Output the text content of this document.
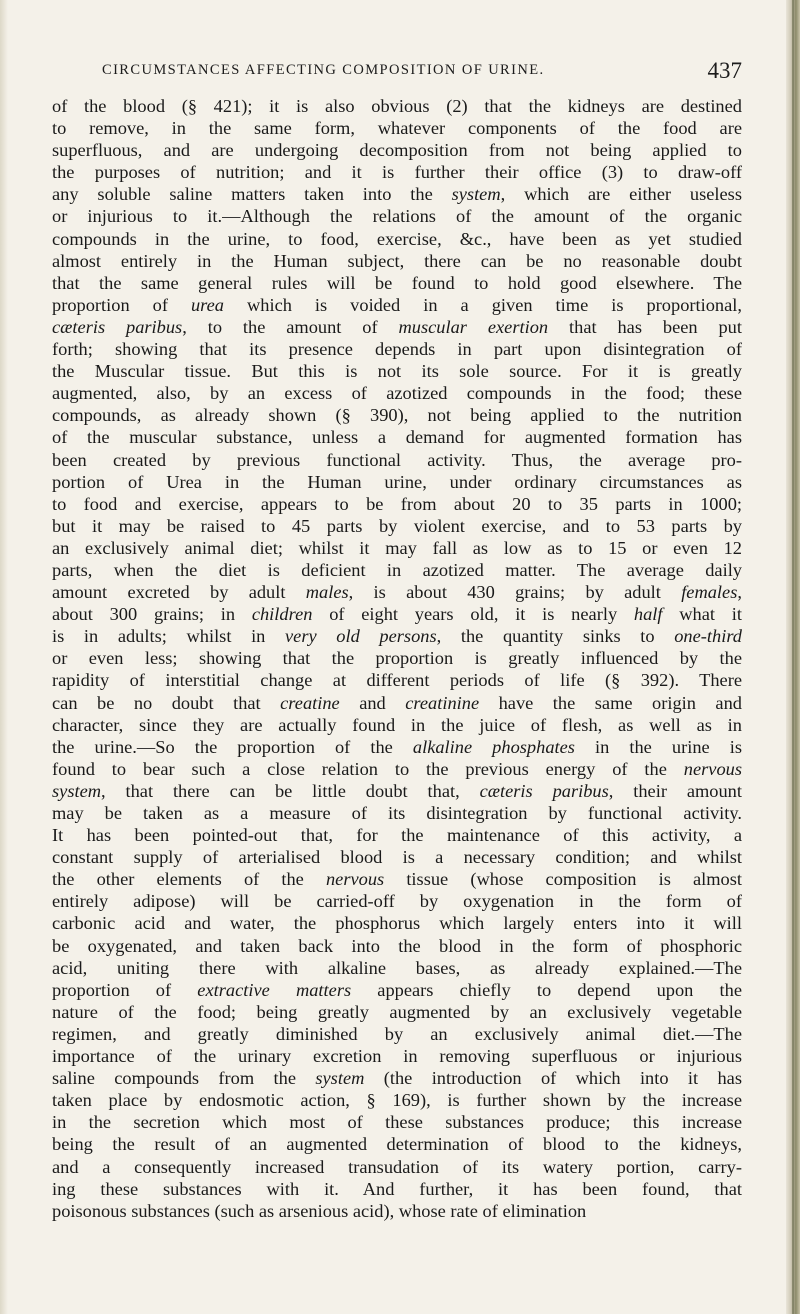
CIRCUMSTANCES AFFECTING COMPOSITION OF URINE.	437
of the blood (§ 421); it is also obvious (2) that the kidneys are destined
to remove, in the same form, whatever components of the food are
superfluous, and are undergoing decomposition from not being applied to
the purposes of nutrition; and it is further their office (3) to draw-off
any soluble saline matters taken into the system, which are either useless
or injurious to it.—Although the relations of the amount of the organic
compounds in the urine, to food, exercise, &c., have been as yet studied
almost entirely in the Human subject, there can be no reasonable doubt
that the same general rules will be found to hold good elsewhere. The
proportion of urea which is voided in a given time is proportional,
cæteris paribus, to the amount of muscular exertion that has been put
forth; showing that its presence depends in part upon disintegration of
the Muscular tissue. But this is not its sole source. For it is greatly
augmented, also, by an excess of azotized compounds in the food; these
compounds, as already shown (§ 390), not being applied to the nutrition
of the muscular substance, unless a demand for augmented formation has
been created by previous functional activity. Thus, the average pro-
portion of Urea in the Human urine, under ordinary circumstances as
to food and exercise, appears to be from about 20 to 35 parts in 1000;
but it may be raised to 45 parts by violent exercise, and to 53 parts by
an exclusively animal diet; whilst it may fall as low as to 15 or even 12
parts, when the diet is deficient in azotized matter. The average daily
amount excreted by adult males, is about 430 grains; by adult females,
about 300 grains; in children of eight years old, it is nearly half what it
is in adults; whilst in very old persons, the quantity sinks to one-third
or even less; showing that the proportion is greatly influenced by the
rapidity of interstitial change at different periods of life (§ 392). There
can be no doubt that creatine and creatinine have the same origin and
character, since they are actually found in the juice of flesh, as well as in
the urine.—So the proportion of the alkaline phosphates in the urine is
found to bear such a close relation to the previous energy of the nervous
system, that there can be little doubt that, cæteris paribus, their amount
may be taken as a measure of its disintegration by functional activity.
It has been pointed-out that, for the maintenance of this activity, a
constant supply of arterialised blood is a necessary condition; and whilst
the other elements of the nervous tissue (whose composition is almost
entirely adipose) will be carried-off by oxygenation in the form of
carbonic acid and water, the phosphorus which largely enters into it will
be oxygenated, and taken back into the blood in the form of phosphoric
acid, uniting there with alkaline bases, as already explained.—The
proportion of extractive matters appears chiefly to depend upon the
nature of the food; being greatly augmented by an exclusively vegetable
regimen, and greatly diminished by an exclusively animal diet.—The
importance of the urinary excretion in removing superfluous or injurious
saline compounds from the system (the introduction of which into it has
taken place by endosmotic action, § 169), is further shown by the increase
in the secretion which most of these substances produce; this increase
being the result of an augmented determination of blood to the kidneys,
and a consequently increased transudation of its watery portion, carry-
ing these substances with it. And further, it has been found, that
poisonous substances (such as arsenious acid), whose rate of elimination
